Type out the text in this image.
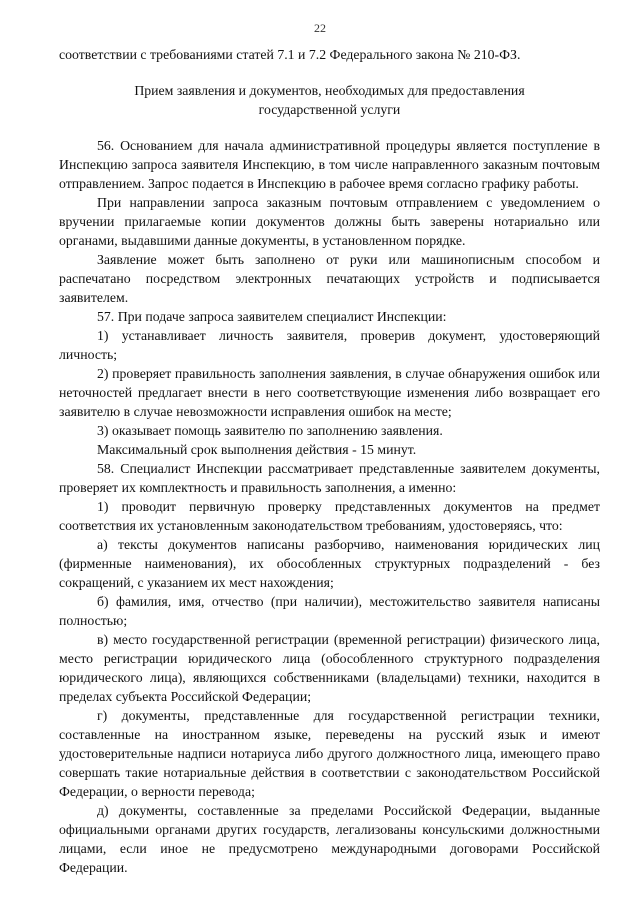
22

соответствии с требованиями статей 7.1 и 7.2 Федерального закона № 210-ФЗ.

Прием заявления и документов, необходимых для предоставления государственной услуги

56. Основанием для начала административной процедуры является поступление в Инспекцию запроса заявителя Инспекцию, в том числе направленного заказным почтовым отправлением. Запрос подается в Инспекцию в рабочее время согласно графику работы.

При направлении запроса заказным почтовым отправлением с уведомлением о вручении прилагаемые копии документов должны быть заверены нотариально или органами, выдавшими данные документы, в установленном порядке.

Заявление может быть заполнено от руки или машинописным способом и распечатано посредством электронных печатающих устройств и подписывается заявителем.

57. При подаче запроса заявителем специалист Инспекции:

1) устанавливает личность заявителя, проверив документ, удостоверяющий личность;

2) проверяет правильность заполнения заявления, в случае обнаружения ошибок или неточностей предлагает внести в него соответствующие изменения либо возвращает его заявителю в случае невозможности исправления ошибок на месте;

3) оказывает помощь заявителю по заполнению заявления.

Максимальный срок выполнения действия - 15 минут.

58. Специалист Инспекции рассматривает представленные заявителем документы, проверяет их комплектность и правильность заполнения, а именно:

1) проводит первичную проверку представленных документов на предмет соответствия их установленным законодательством требованиям, удостоверяясь, что:

а) тексты документов написаны разборчиво, наименования юридических лиц (фирменные наименования), их обособленных структурных подразделений - без сокращений, с указанием их мест нахождения;

б) фамилия, имя, отчество (при наличии), местожительство заявителя написаны полностью;

в) место государственной регистрации (временной регистрации) физического лица, место регистрации юридического лица (обособленного структурного подразделения юридического лица), являющихся собственниками (владельцами) техники, находится в пределах субъекта Российской Федерации;

г) документы, представленные для государственной регистрации техники, составленные на иностранном языке, переведены на русский язык и имеют удостоверительные надписи нотариуса либо другого должностного лица, имеющего право совершать такие нотариальные действия в соответствии с законодательством Российской Федерации, о верности перевода;

д) документы, составленные за пределами Российской Федерации, выданные официальными органами других государств, легализованы консульскими должностными лицами, если иное не предусмотрено международными договорами Российской Федерации.
